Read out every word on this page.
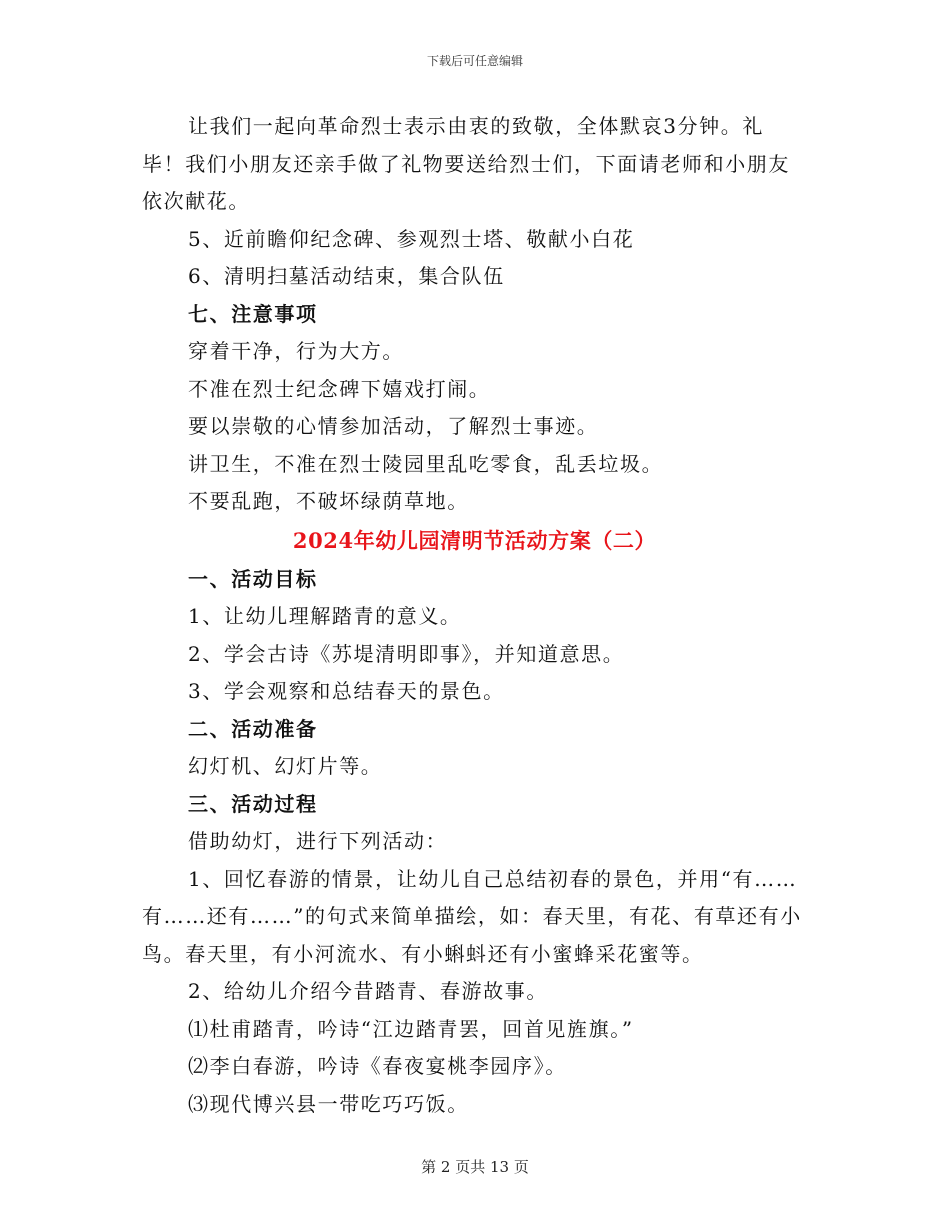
下载后可任意编辑

让我们一起向革命烈士表示由衷的致敬，全体默哀3分钟。礼毕！我们小朋友还亲手做了礼物要送给烈士们，下面请老师和小朋友依次献花。

5、近前瞻仰纪念碑、参观烈士塔、敬献小白花

6、清明扫墓活动结束，集合队伍

七、注意事项

穿着干净，行为大方。

不准在烈士纪念碑下嬉戏打闹。

要以崇敬的心情参加活动，了解烈士事迹。

讲卫生，不准在烈士陵园里乱吃零食，乱丢垃圾。

不要乱跑，不破坏绿荫草地。

2024年幼儿园清明节活动方案（二）

一、活动目标

1、让幼儿理解踏青的意义。

2、学会古诗《苏堤清明即事》，并知道意思。

3、学会观察和总结春天的景色。

二、活动准备

幻灯机、幻灯片等。

三、活动过程

借助幼灯，进行下列活动：

1、回忆春游的情景，让幼儿自己总结初春的景色，并用“有……有……还有……”的句式来简单描绘，如：春天里，有花、有草还有小鸟。春天里，有小河流水、有小蝌蚪还有小蜜蜂采花蜜等。

2、给幼儿介绍今昔踏青、春游故事。

⑴杜甫踏青，吟诗“江边踏青罢，回首见旌旗。”

⑵李白春游，吟诗《春夜宴桃李园序》。

⑶现代博兴县一带吃巧巧饭。

第 2 页共 13 页
